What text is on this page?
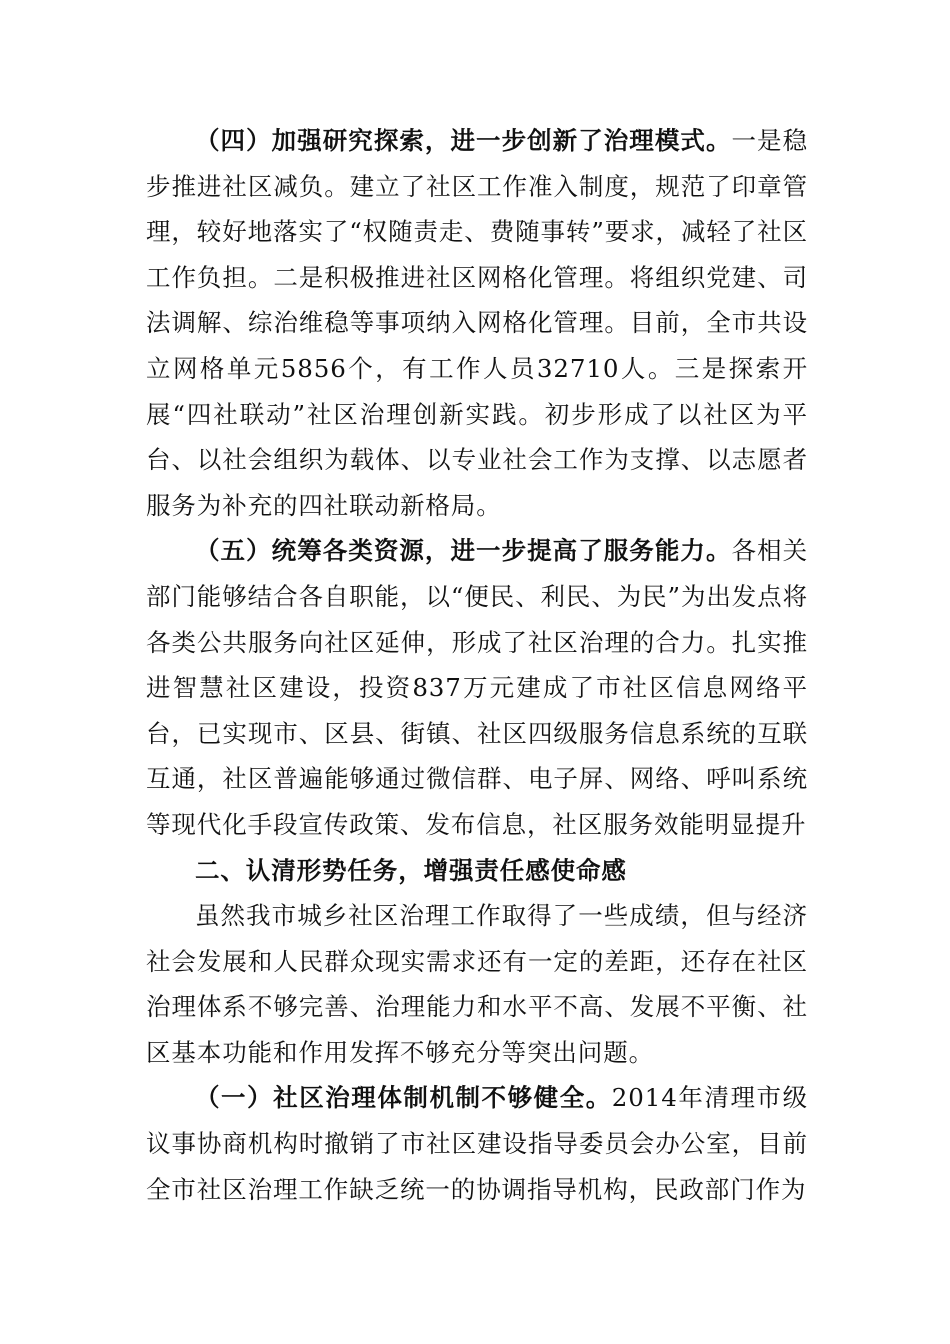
（四）加强研究探索，进一步创新了治理模式。一是稳步推进社区减负。建立了社区工作准入制度，规范了印章管理，较好地落实了“权随责走、费随事转”要求，减轻了社区工作负担。二是积极推进社区网格化管理。将组织党建、司法调解、综治维稳等事项纳入网格化管理。目前，全市共设立网格单元5856个，有工作人员32710人。三是探索开展“四社联动”社区治理创新实践。初步形成了以社区为平台、以社会组织为载体、以专业社会工作为支撑、以志愿者服务为补充的四社联动新格局。

（五）统筹各类资源，进一步提高了服务能力。各相关部门能够结合各自职能，以“便民、利民、为民”为出发点将各类公共服务向社区延伸，形成了社区治理的合力。扎实推进智慧社区建设，投资837万元建成了市社区信息网络平台，已实现市、区县、街镇、社区四级服务信息系统的互联互通，社区普遍能够通过微信群、电子屏、网络、呼叫系统等现代化手段宣传政策、发布信息，社区服务效能明显提升

二、认清形势任务，增强责任感使命感

虽然我市城乡社区治理工作取得了一些成绩，但与经济社会发展和人民群众现实需求还有一定的差距，还存在社区治理体系不够完善、治理能力和水平不高、发展不平衡、社区基本功能和作用发挥不够充分等突出问题。

（一）社区治理体制机制不够健全。2014年清理市级议事协商机构时撤销了市社区建设指导委员会办公室，目前全市社区治理工作缺乏统一的协调指导机构，民政部门作为
